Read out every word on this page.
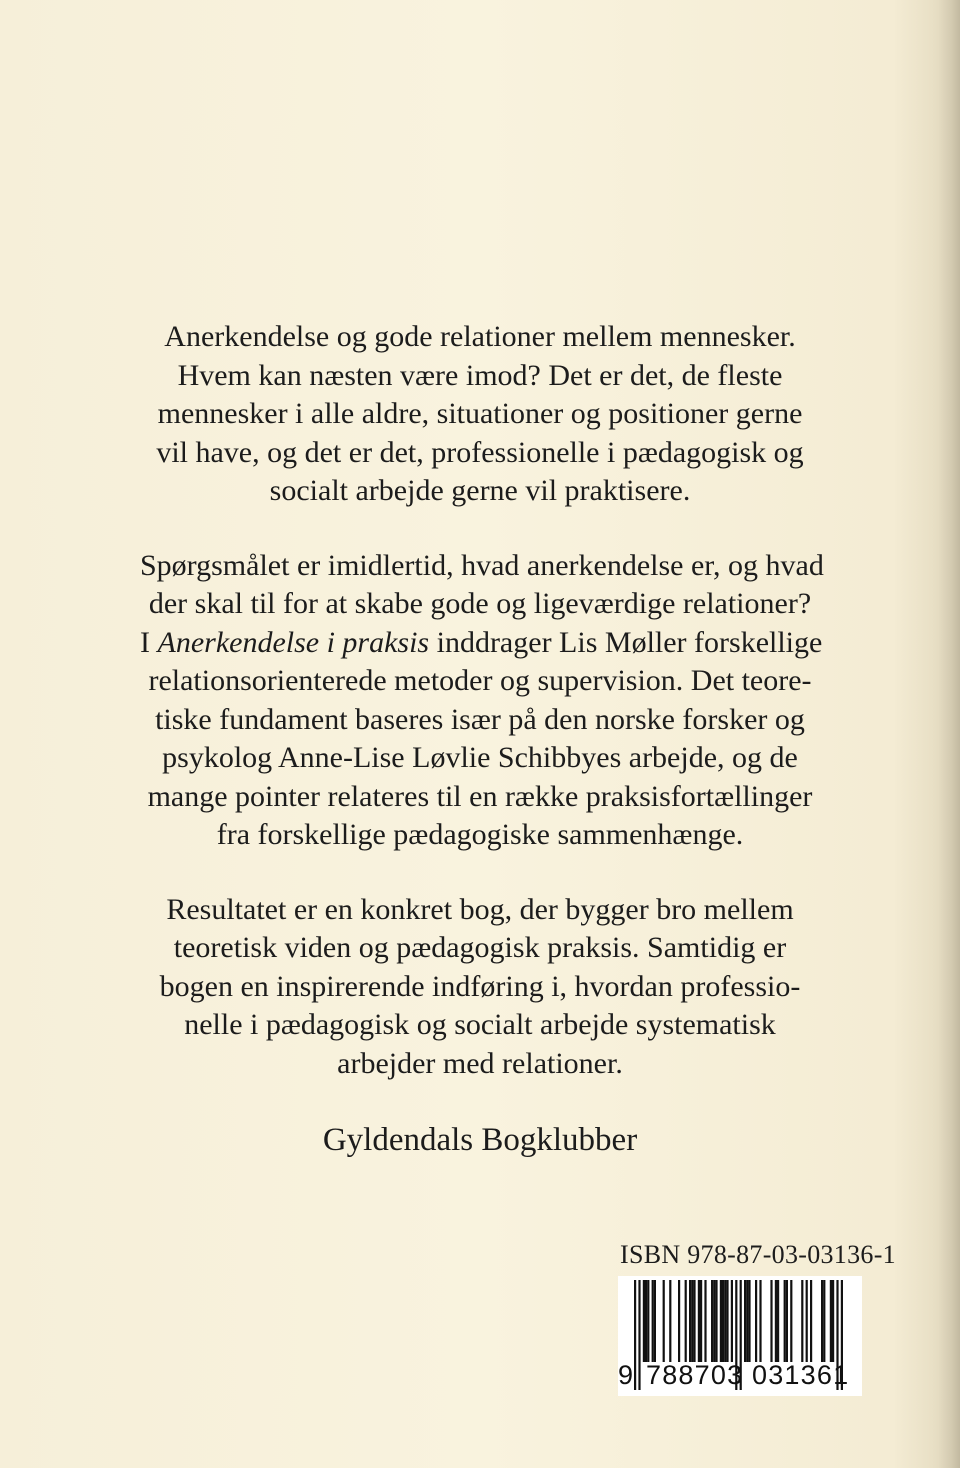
Anerkendelse og gode relationer mellem mennesker.
Hvem kan næsten være imod? Det er det, de fleste
mennesker i alle aldre, situationer og positioner gerne
vil have, og det er det, professionelle i pædagogisk og
socialt arbejde gerne vil praktisere.

Spørgsmålet er imidlertid, hvad anerkendelse er, og hvad
der skal til for at skabe gode og ligeværdige relationer?
I Anerkendelse i praksis inddrager Lis Møller forskellige
relationsorienterede metoder og supervision. Det teore-
tiske fundament baseres især på den norske forsker og
psykolog Anne-Lise Løvlie Schibbyes arbejde, og de
mange pointer relateres til en række praksisfortællinger
fra forskellige pædagogiske sammenhænge.

Resultatet er en konkret bog, der bygger bro mellem
teoretisk viden og pædagogisk praksis. Samtidig er
bogen en inspirerende indføring i, hvordan professio-
nelle i pædagogisk og socialt arbejde systematisk
arbejder med relationer.

Gyldendals Bogklubber
ISBN 978-87-03-03136-1
9 788703 031361
